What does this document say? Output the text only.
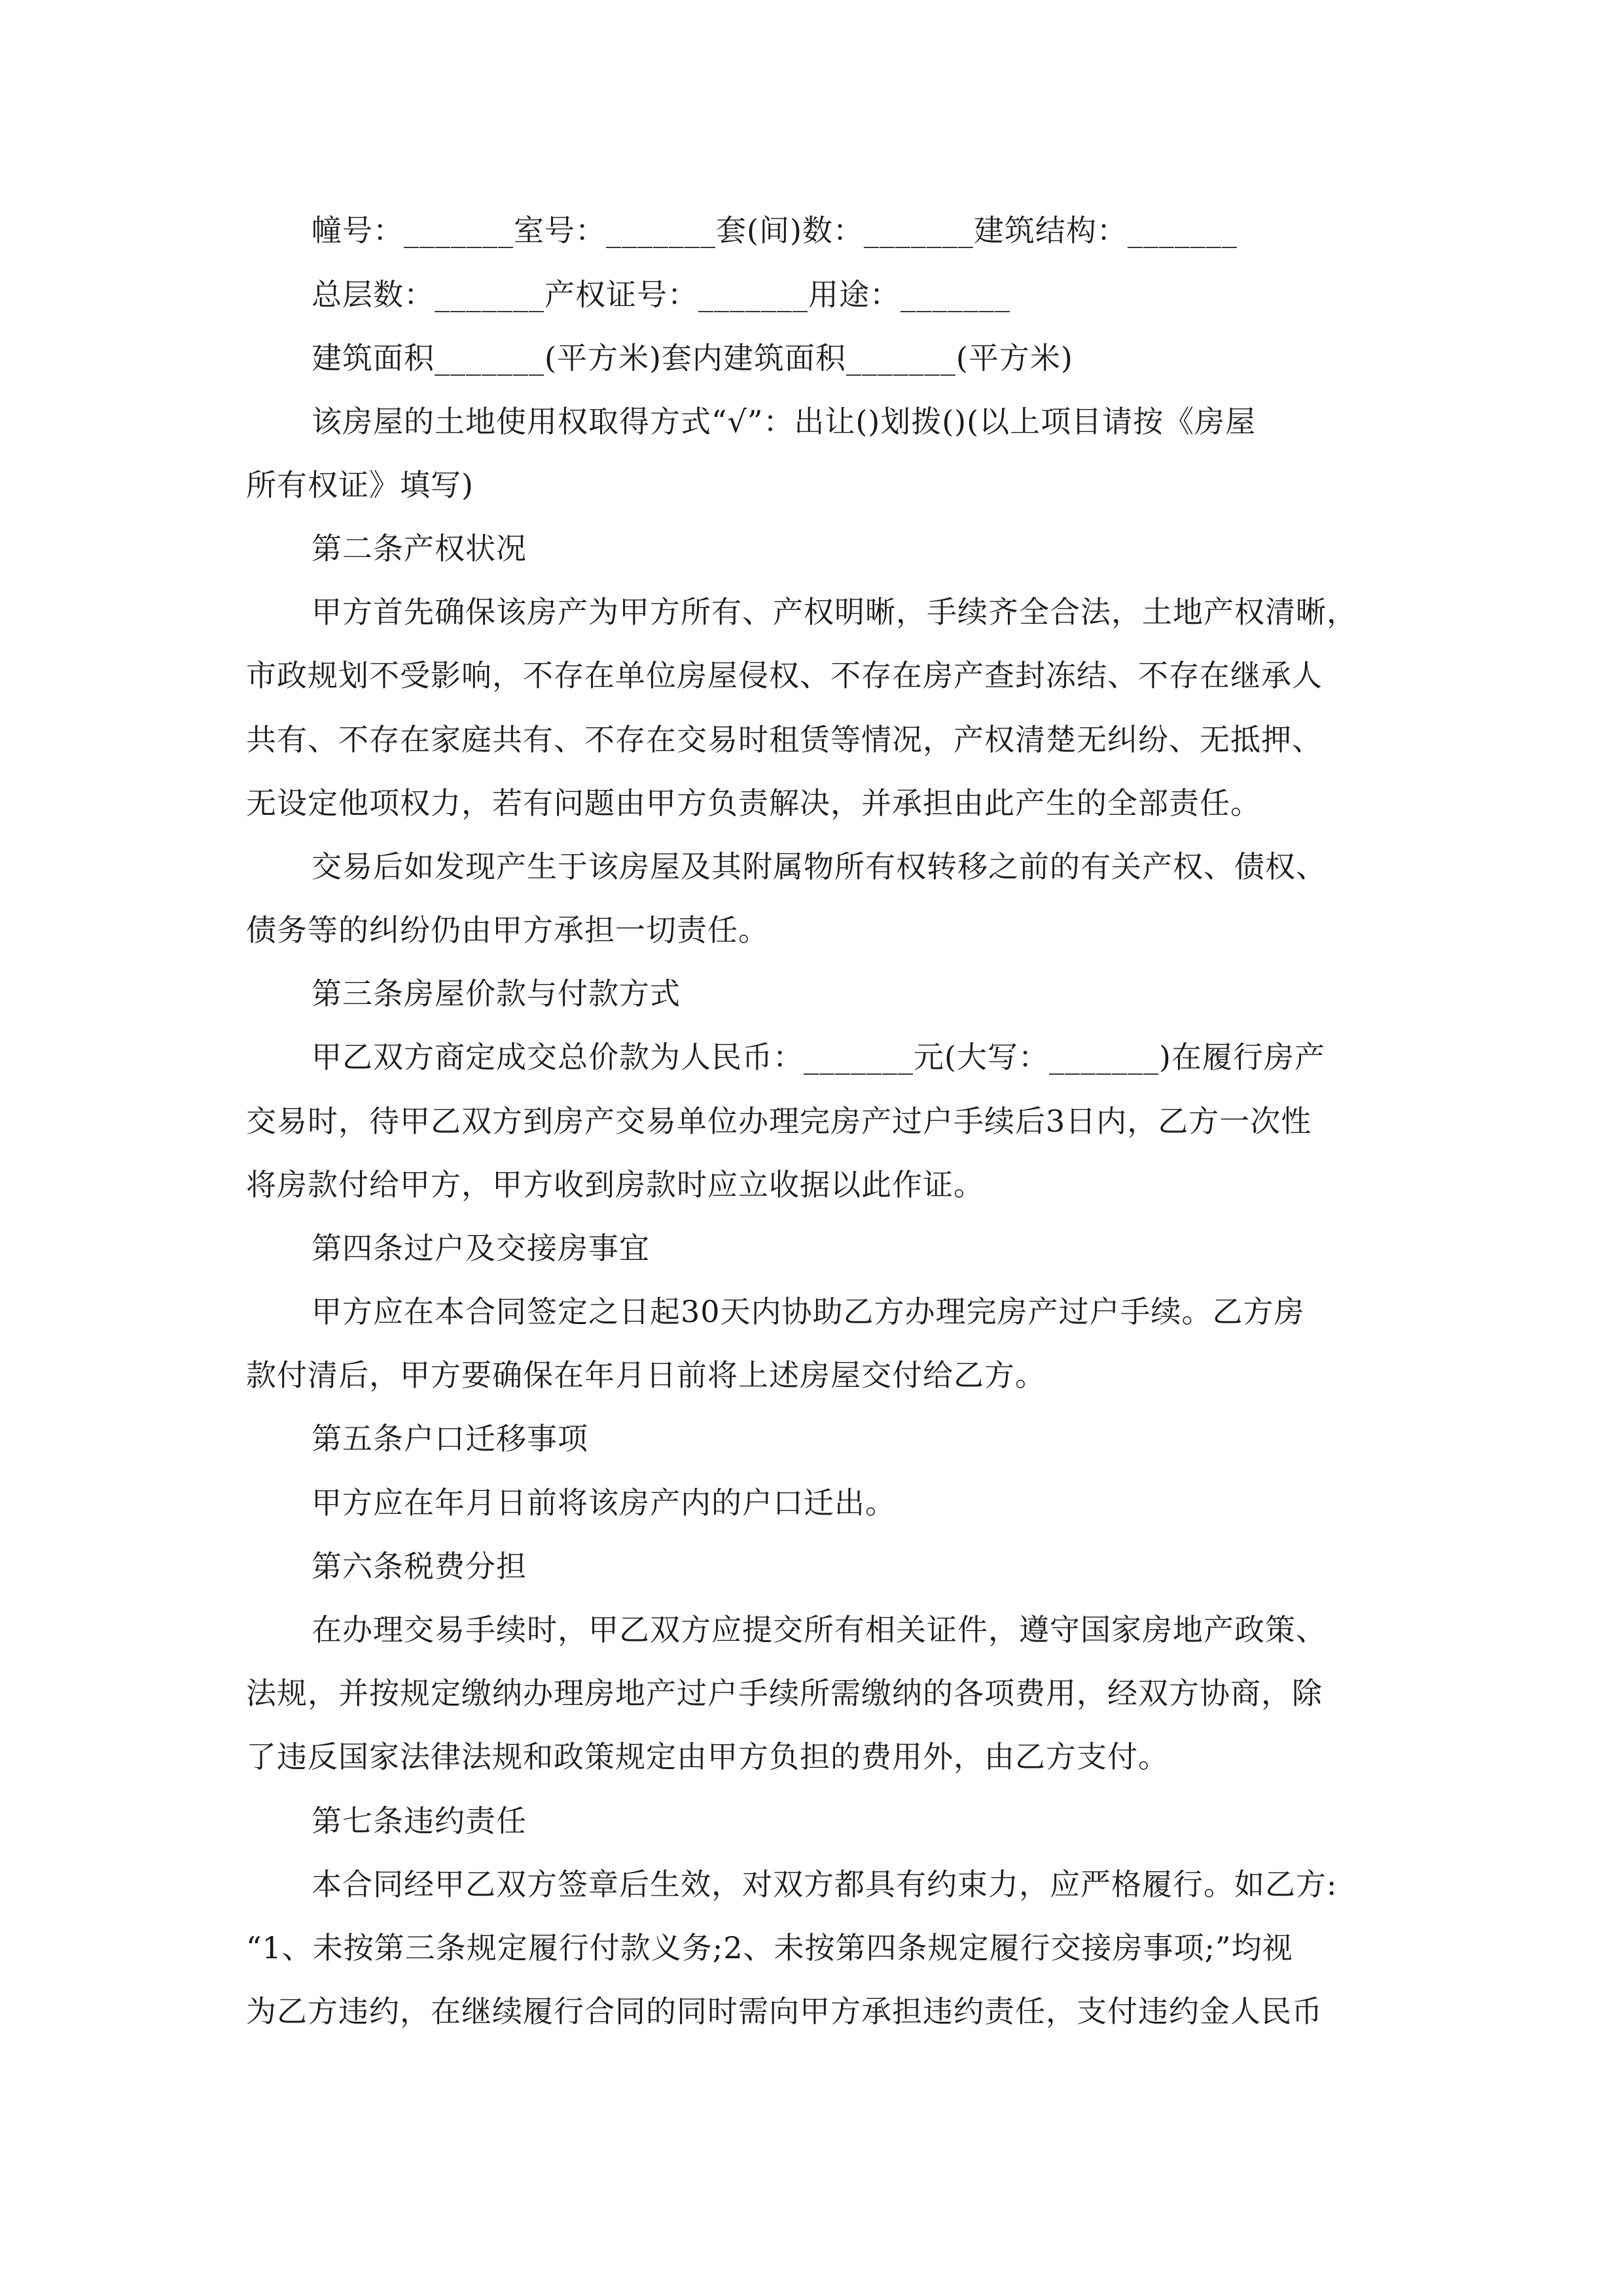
幢号：_______室号：_______套(间)数：_______建筑结构：_______
总层数：_______产权证号：_______用途：_______
建筑面积_______(平方米)套内建筑面积_______(平方米)
该房屋的土地使用权取得方式“√”：出让()划拨()(以上项目请按《房屋
所有权证》填写)
第二条产权状况
甲方首先确保该房产为甲方所有、产权明晰，手续齐全合法，土地产权清晰，
市政规划不受影响，不存在单位房屋侵权、不存在房产查封冻结、不存在继承人
共有、不存在家庭共有、不存在交易时租赁等情况，产权清楚无纠纷、无抵押、
无设定他项权力，若有问题由甲方负责解决，并承担由此产生的全部责任。
交易后如发现产生于该房屋及其附属物所有权转移之前的有关产权、债权、
债务等的纠纷仍由甲方承担一切责任。
第三条房屋价款与付款方式
甲乙双方商定成交总价款为人民币：_______元(大写：_______)在履行房产
交易时，待甲乙双方到房产交易单位办理完房产过户手续后3日内，乙方一次性
将房款付给甲方，甲方收到房款时应立收据以此作证。
第四条过户及交接房事宜
甲方应在本合同签定之日起30天内协助乙方办理完房产过户手续。乙方房
款付清后，甲方要确保在年月日前将上述房屋交付给乙方。
第五条户口迁移事项
甲方应在年月日前将该房产内的户口迁出。
第六条税费分担
在办理交易手续时，甲乙双方应提交所有相关证件，遵守国家房地产政策、
法规，并按规定缴纳办理房地产过户手续所需缴纳的各项费用，经双方协商，除
了违反国家法律法规和政策规定由甲方负担的费用外，由乙方支付。
第七条违约责任
本合同经甲乙双方签章后生效，对双方都具有约束力，应严格履行。如乙方:
“1、未按第三条规定履行付款义务;2、未按第四条规定履行交接房事项;”均视
为乙方违约，在继续履行合同的同时需向甲方承担违约责任，支付违约金人民币
